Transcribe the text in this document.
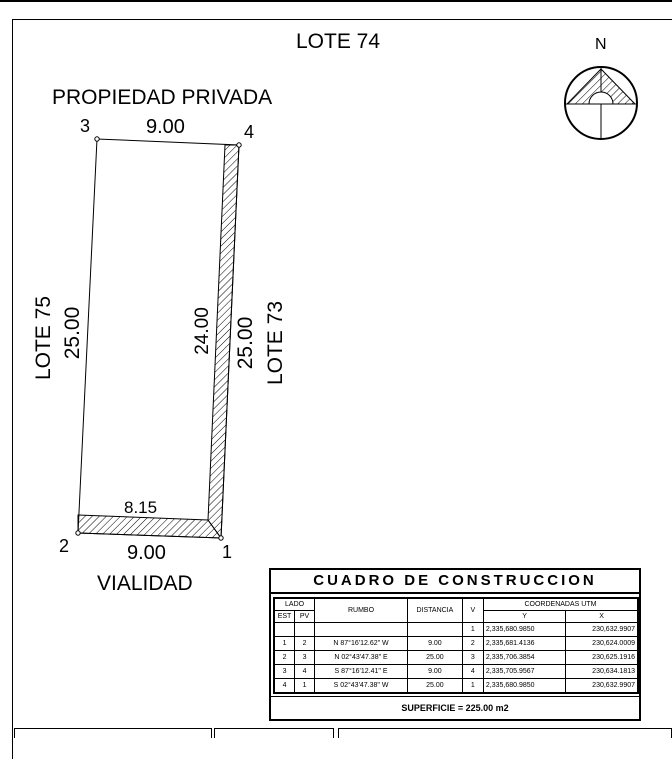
LOTE 74	N
PROPIEDAD PRIVADA
3	9.00	4
LOTE 75 25.00	24.00 25.00 LOTE 73
8.15
2	9.00	1
VIALIDAD	CUADRO DE CONSTRUCCION
LADO		RUMBO	DISTANCIA	V	COORDENADAS UTM	
EST	PV				Y	X
				1	2,335,680.9850	230,632.9907
1	2	N 87°16'12.62" W	9.00	2	2,335,681.4136	230,624.0009
2	3	N 02°43'47.38" E	25.00	3	2,335,706.3854	230,625.1916
3	4	S 87°16'12.41" E	9.00	4	2,335,705.9567	230,634.1813
4	1	S 02°43'47.38" W	25.00	1	2,335,680.9850	230,632.9907
SUPERFICIE = 225.00 m2
